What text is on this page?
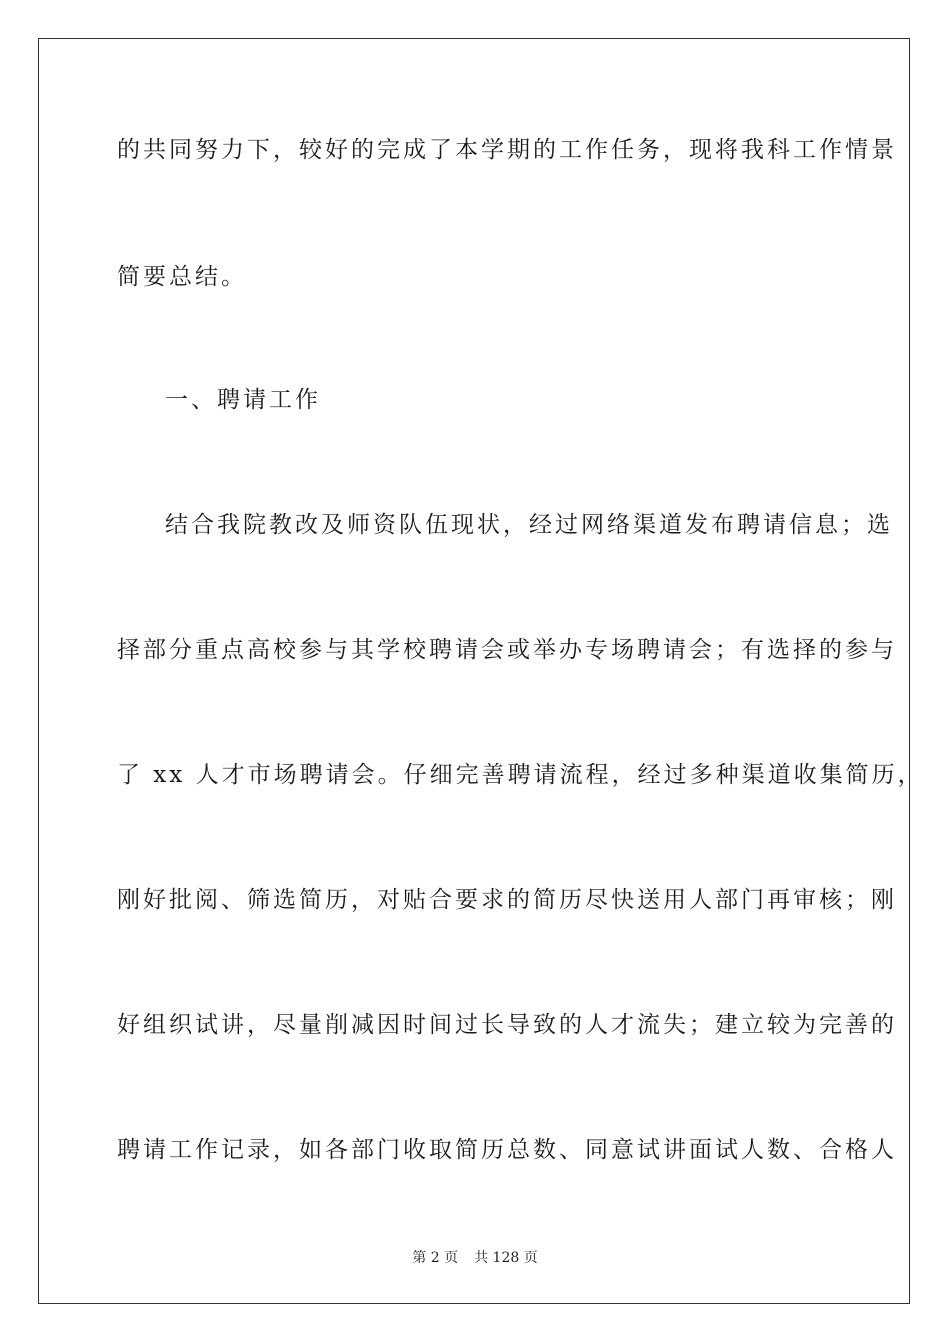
的共同努力下，较好的完成了本学期的工作任务，现将我科工作情景
简要总结。
一、聘请工作
结合我院教改及师资队伍现状，经过网络渠道发布聘请信息；选
择部分重点高校参与其学校聘请会或举办专场聘请会；有选择的参与
了 xx 人才市场聘请会。仔细完善聘请流程，经过多种渠道收集简历，
刚好批阅、筛选简历，对贴合要求的简历尽快送用人部门再审核；刚
好组织试讲，尽量削减因时间过长导致的人才流失；建立较为完善的
聘请工作记录，如各部门收取简历总数、同意试讲面试人数、合格人
第 2 页 共 128 页
